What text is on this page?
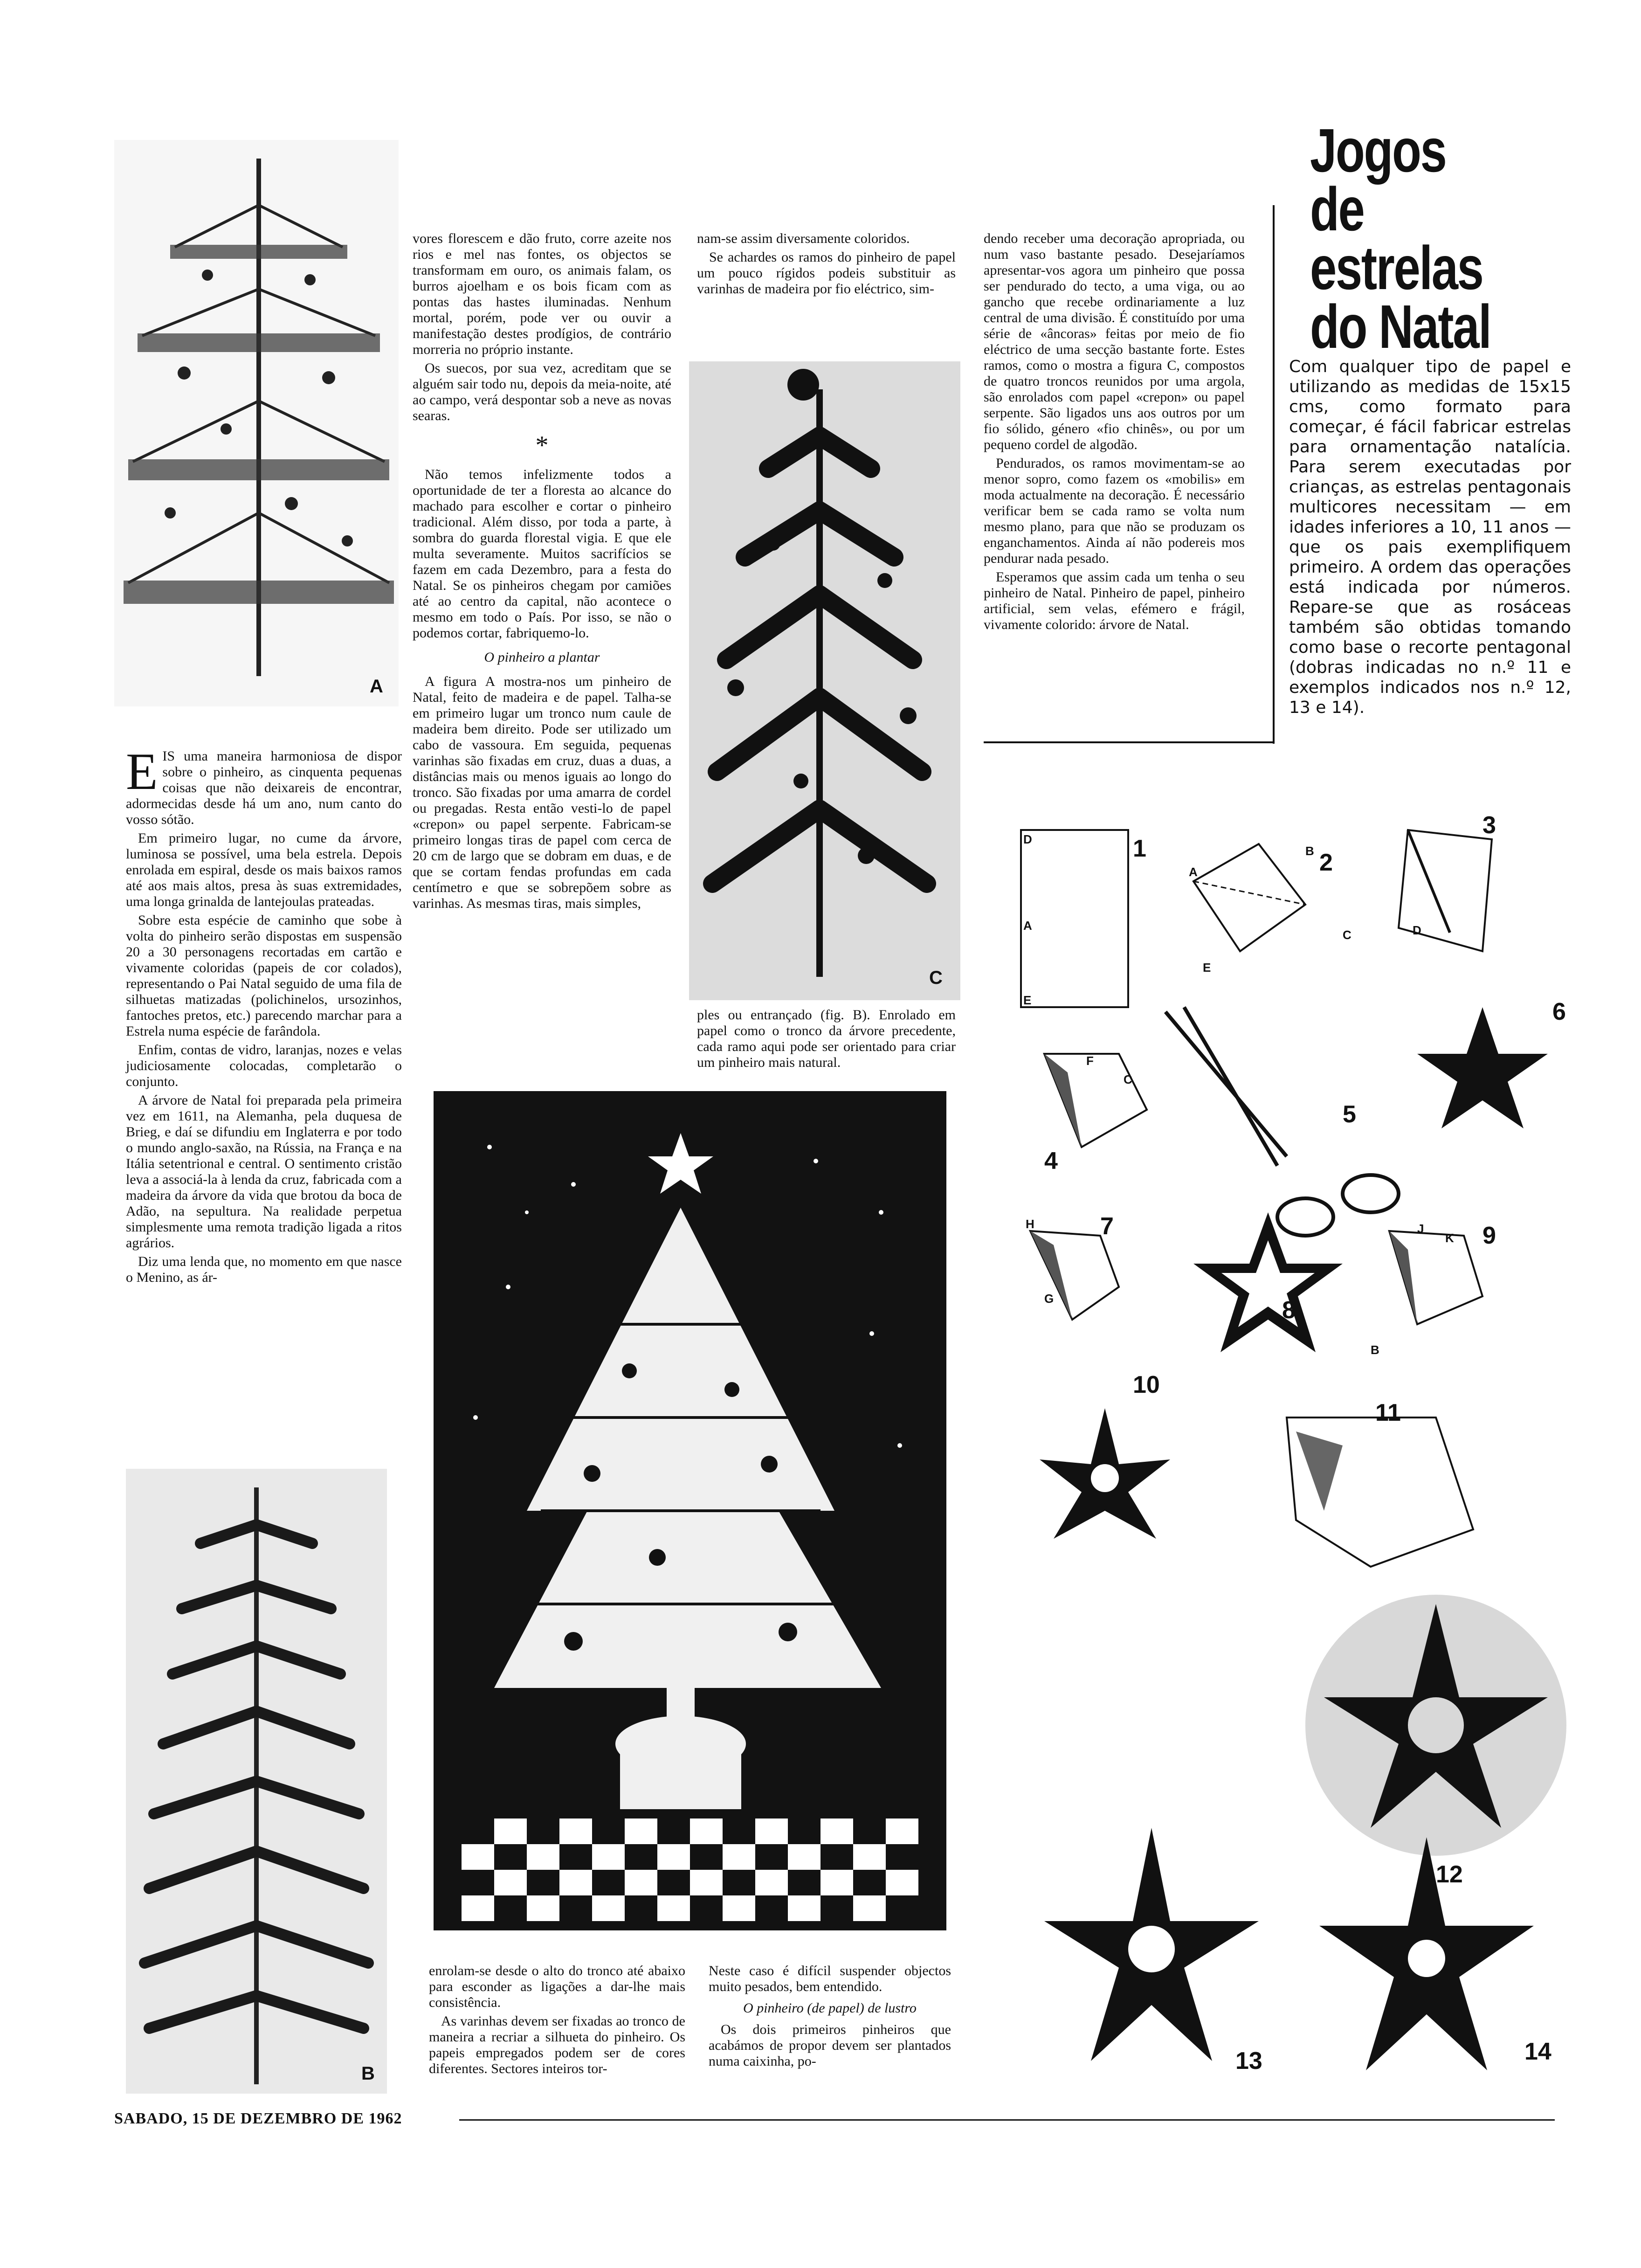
A

E IS uma maneira harmoniosa de dispor sobre o pinheiro, as cinquenta pequenas coisas que não deixareis de encontrar, adormecidas desde há um ano, num canto do vosso sótão.

Em primeiro lugar, no cume da árvore, luminosa se possível, uma bela estrela. Depois enrolada em espiral, desde os mais baixos ramos até aos mais altos, presa às suas extremidades, uma longa grinalda de lantejoulas prateadas.

Sobre esta espécie de caminho que sobe à volta do pinheiro serão dispostas em suspensão 20 a 30 personagens recortadas em cartão e vivamente coloridas (papeis de cor colados), representando o Pai Natal seguido de uma fila de silhuetas matizadas (polichinelos, ursozinhos, fantoches pretos, etc.) parecendo marchar para a Estrela numa espécie de farândola.

Enfim, contas de vidro, laranjas, nozes e velas judiciosamente colocadas, completarão o conjunto.

A árvore de Natal foi preparada pela primeira vez em 1611, na Alemanha, pela duquesa de Brieg, e daí se difundiu em Inglaterra e por todo o mundo anglo-saxão, na Rússia, na França e na Itália setentrional e central. O sentimento cristão leva a associá-la à lenda da cruz, fabricada com a madeira da árvore da vida que brotou da boca de Adão, na sepultura. Na realidade perpetua simplesmente uma remota tradição ligada a ritos agrários.

Diz uma lenda que, no momento em que nasce o Menino, as ár-

B

vores florescem e dão fruto, corre azeite nos rios e mel nas fontes, os objectos se transformam em ouro, os animais falam, os burros ajoelham e os bois ficam com as pontas das hastes iluminadas. Nenhum mortal, porém, pode ver ou ouvir a manifestação destes prodígios, de contrário morreria no próprio instante.

Os suecos, por sua vez, acreditam que se alguém sair todo nu, depois da meia-noite, até ao campo, verá despontar sob a neve as novas searas.

*

Não temos infelizmente todos a oportunidade de ter a floresta ao alcance do machado para escolher e cortar o pinheiro tradicional. Além disso, por toda a parte, à sombra do guarda florestal vigia. E que ele multa severamente. Muitos sacrifícios se fazem em cada Dezembro, para a festa do Natal. Se os pinheiros chegam por camiões até ao centro da capital, não acontece o mesmo em todo o País. Por isso, se não o podemos cortar, fabriquemo-lo.

O pinheiro a plantar

A figura A mostra-nos um pinheiro de Natal, feito de madeira e de papel. Talha-se em primeiro lugar um tronco num caule de madeira bem direito. Pode ser utilizado um cabo de vassoura. Em seguida, pequenas varinhas são fixadas em cruz, duas a duas, a distâncias mais ou menos iguais ao longo do tronco. São fixadas por uma amarra de cordel ou pregadas. Resta então vesti-lo de papel «crepon» ou papel serpente. Fabricam-se primeiro longas tiras de papel com cerca de 20 cm de largo que se dobram em duas, e de que se cortam fendas profundas em cada centímetro e que se sobrepõem sobre as varinhas. As mesmas tiras, mais simples,

nam-se assim diversamente coloridos.

Se achardes os ramos do pinheiro de papel um pouco rígidos podeis substituir as varinhas de madeira por fio eléctrico, sim-

C

ples ou entrançado (fig. B). Enrolado em papel como o tronco da árvore precedente, cada ramo aqui pode ser orientado para criar um pinheiro mais natural.

dendo receber uma decoração apropriada, ou num vaso bastante pesado. Desejaríamos apresentar-vos agora um pinheiro que possa ser pendurado do tecto, a uma viga, ou ao gancho que recebe ordinariamente a luz central de uma divisão. É constituído por uma série de «âncoras» feitas por meio de fio eléctrico de uma secção bastante forte. Estes ramos, como o mostra a figura C, compostos de quatro troncos reunidos por uma argola, são enrolados com papel «crepon» ou papel serpente. São ligados uns aos outros por um fio sólido, género «fio chinês», ou por um pequeno cordel de algodão.

Pendurados, os ramos movimentam-se ao menor sopro, como fazem os «mobilis» em moda actualmente na decoração. É necessário verificar bem se cada ramo se volta num mesmo plano, para que não se produzam os enganchamentos. Ainda aí não podereis mos pendurar nada pesado.

Esperamos que assim cada um tenha o seu pinheiro de Natal. Pinheiro de papel, pinheiro artificial, sem velas, efémero e frágil, vivamente colorido: árvore de Natal.

Jogos
de estrelas
do Natal

Com qualquer tipo de papel e utilizando as medidas de 15x15 cms, como formato para começar, é fácil fabricar estrelas para ornamentação natalícia. Para serem executadas por crianças, as estrelas pentagonais multicores necessitam — em idades inferiores a 10, 11 anos — que os pais exemplifiquem primeiro. A ordem das operações está indicada por números. Repare-se que as rosáceas também são obtidas tomando como base o recorte pentagonal (dobras indicadas no n.º 11 e exemplos indicados nos n.º 12, 13 e 14).

enrolam-se desde o alto do tronco até abaixo para esconder as ligações a dar-lhe mais consistência.

As varinhas devem ser fixadas ao tronco de maneira a recriar a silhueta do pinheiro. Os papeis empregados podem ser de cores diferentes. Sectores inteiros tor-

Neste caso é difícil suspender objectos muito pesados, bem entendido.

O pinheiro (de papel) de lustro

Os dois primeiros pinheiros que acabámos de propor devem ser plantados numa caixinha, po-

1
2
3
4
5
6
7
8
9
10
11
12
13	14
D
A
E
B
C	D
A
E
B
C
F
H
G
J
K
SABADO, 15 DE DEZEMBRO DE 1962
